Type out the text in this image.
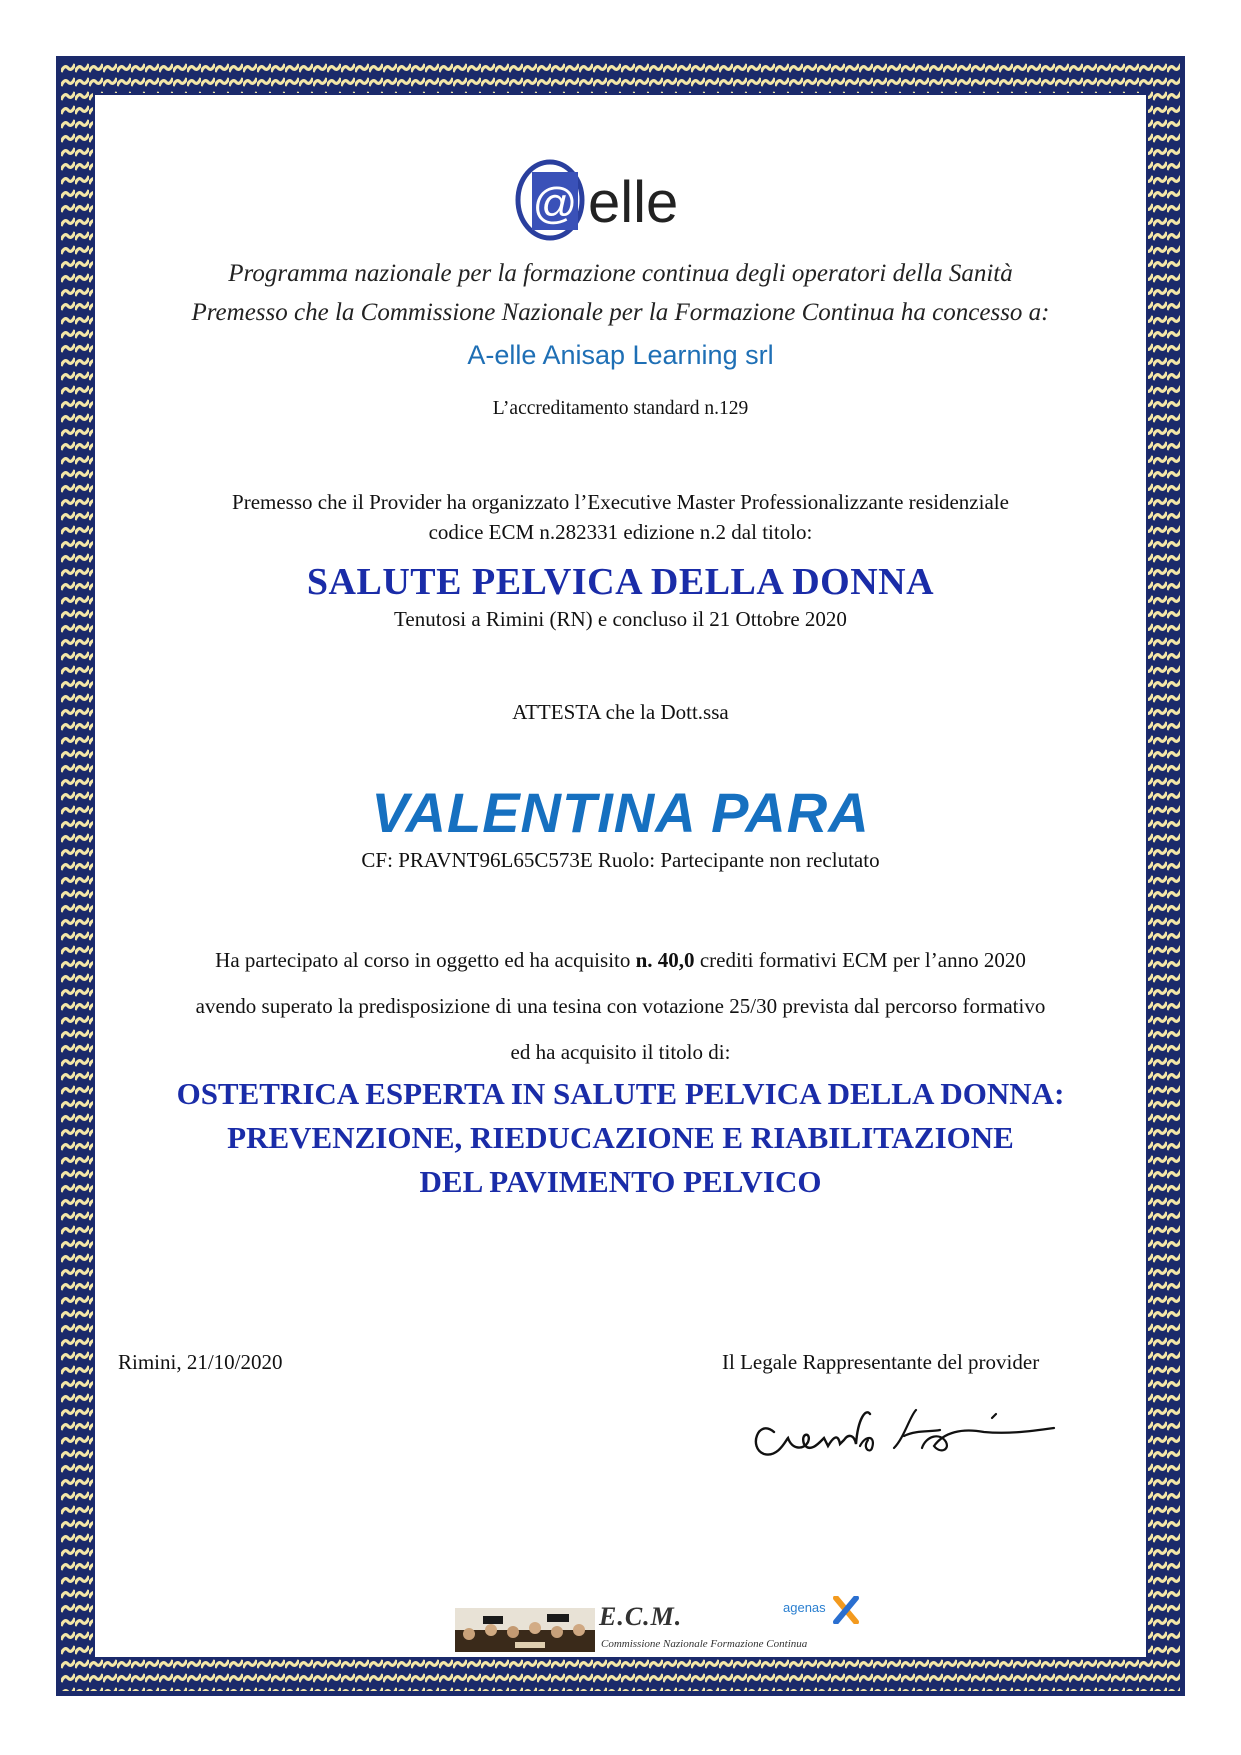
@ elle
Programma nazionale per la formazione continua degli operatori della Sanità
Premesso che la Commissione Nazionale per la Formazione Continua ha concesso a:
A-elle Anisap Learning srl
L’accreditamento standard n.129
Premesso che il Provider ha organizzato l’Executive Master Professionalizzante residenziale
codice ECM n.282331 edizione n.2 dal titolo:
SALUTE PELVICA DELLA DONNA
Tenutosi a Rimini (RN) e concluso il 21 Ottobre 2020
ATTESTA che la Dott.ssa
VALENTINA PARA
CF: PRAVNT96L65C573E Ruolo: Partecipante non reclutato
Ha partecipato al corso in oggetto ed ha acquisito n. 40,0 crediti formativi ECM per l’anno 2020
avendo superato la predisposizione di una tesina con votazione 25/30 prevista dal percorso formativo
ed ha acquisito il titolo di:
OSTETRICA ESPERTA IN SALUTE PELVICA DELLA DONNA:
PREVENZIONE, RIEDUCAZIONE E RIABILITAZIONE
DEL PAVIMENTO PELVICO
Rimini, 21/10/2020	Il Legale Rappresentante del provider
E.C.M.
Commissione Nazionale Formazione Continua
agenas
